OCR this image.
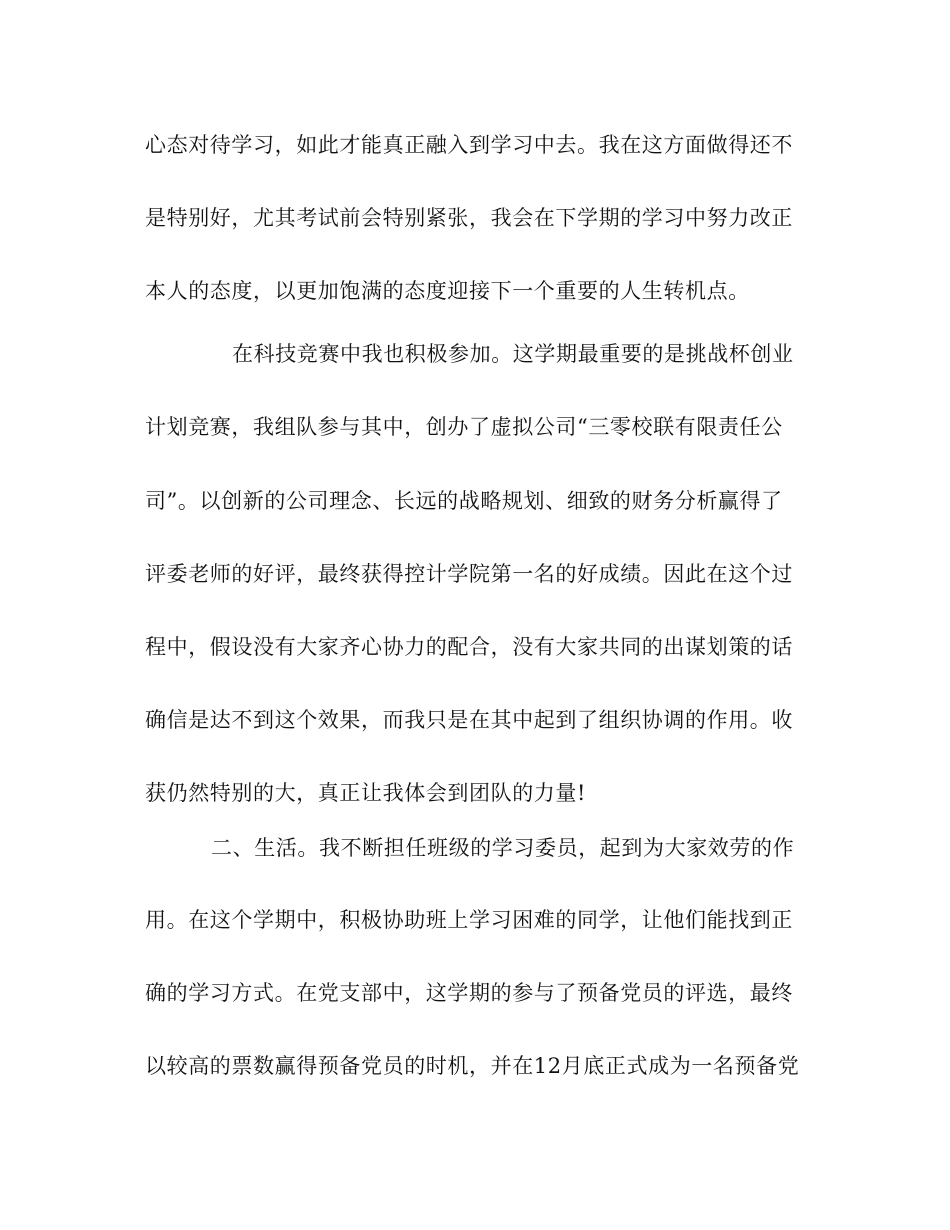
心态对待学习，如此才能真正融入到学习中去。我在这方面做得还不
是特别好，尤其考试前会特别紧张，我会在下学期的学习中努力改正
本人的态度，以更加饱满的态度迎接下一个重要的人生转机点。
在科技竞赛中我也积极参加。这学期最重要的是挑战杯创业
计划竞赛，我组队参与其中，创办了虚拟公司“三零校联有限责任公
司”。以创新的公司理念、长远的战略规划、细致的财务分析赢得了
评委老师的好评，最终获得控计学院第一名的好成绩。因此在这个过
程中，假设没有大家齐心协力的配合，没有大家共同的出谋划策的话
确信是达不到这个效果，而我只是在其中起到了组织协调的作用。收
获仍然特别的大，真正让我体会到团队的力量!
二、生活。我不断担任班级的学习委员，起到为大家效劳的作
用。在这个学期中，积极协助班上学习困难的同学，让他们能找到正
确的学习方式。在党支部中，这学期的参与了预备党员的评选，最终
以较高的票数赢得预备党员的时机，并在12月底正式成为一名预备党
